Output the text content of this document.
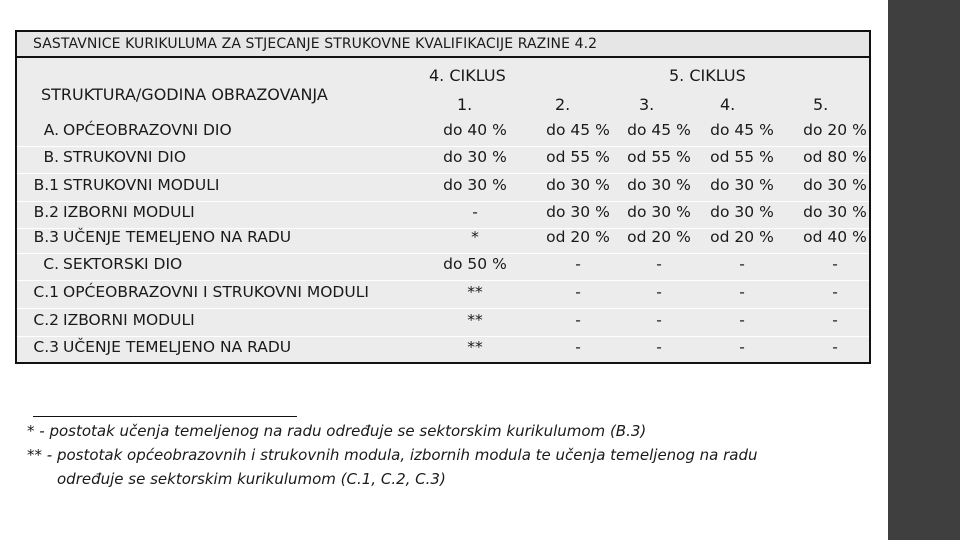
SASTAVNICE KURIKULUMA ZA STJECANJE STRUKOVNE KVALIFIKACIJE RAZINE 4.2
STRUKTURA/GODINA OBRAZOVANJA
4. CIKLUS	5. CIKLUS
1.	2.	3.	4.	5.
A. OPĆEOBRAZOVNI DIO	do 40 %	do 45 %	do 45 %	do 45 %	do 20 %
B. STRUKOVNI DIO	do 30 %	od 55 %	od 55 %	od 55 %	od 80 %
B.1 STRUKOVNI MODULI	do 30 %	do 30 %	do 30 %	do 30 %	do 30 %
B.2 IZBORNI MODULI	-	do 30 %	do 30 %	do 30 %	do 30 %
B.3 UČENJE TEMELJENO NA RADU	*	od 20 %	od 20 %	od 20 %	od 40 %
C. SEKTORSKI DIO	do 50 %	-	-	-	-
C.1 OPĆEOBRAZOVNI I STRUKOVNI MODULI	**	-	-	-	-
C.2 IZBORNI MODULI	**	-	-	-	-
C.3 UČENJE TEMELJENO NA RADU	**	-	-	-	-
* - postotak učenja temeljenog na radu određuje se sektorskim kurikulumom (B.3)
** - postotak općeobrazovnih i strukovnih modula, izbornih modula te učenja temeljenog na radu
određuje se sektorskim kurikulumom (C.1, C.2, C.3)
